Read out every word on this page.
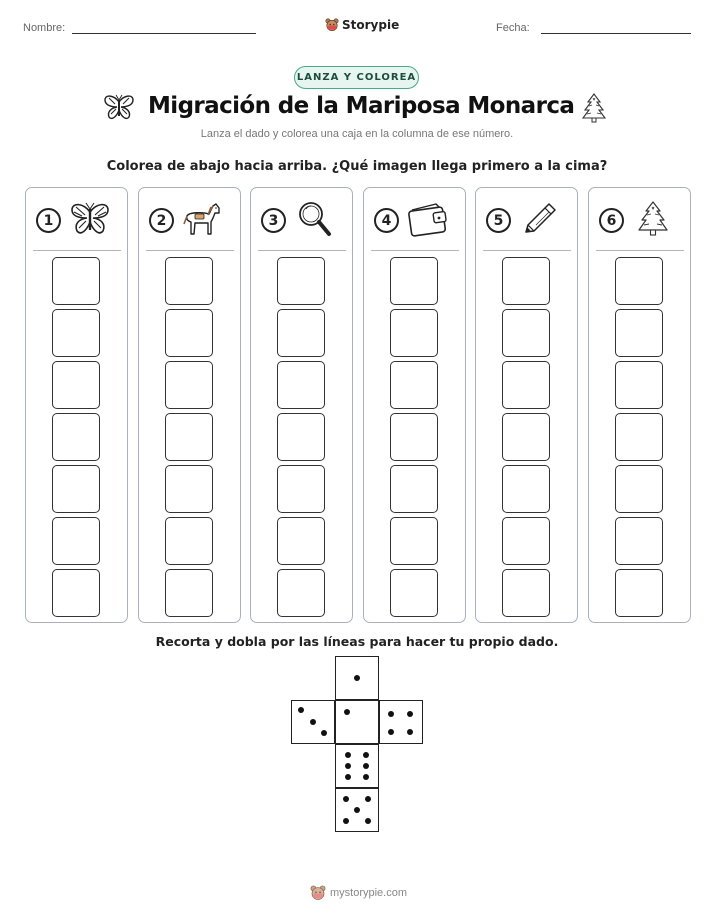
Nombre:	Storypie	Fecha:
LANZA Y COLOREA
Migración de la Mariposa Monarca
Lanza el dado y colorea una caja en la columna de ese número.
Colorea de abajo hacia arriba. ¿Qué imagen llega primero a la cima?
1	2	3	4	5	6
Recorta y dobla por las líneas para hacer tu propio dado.
mystorypie.com
